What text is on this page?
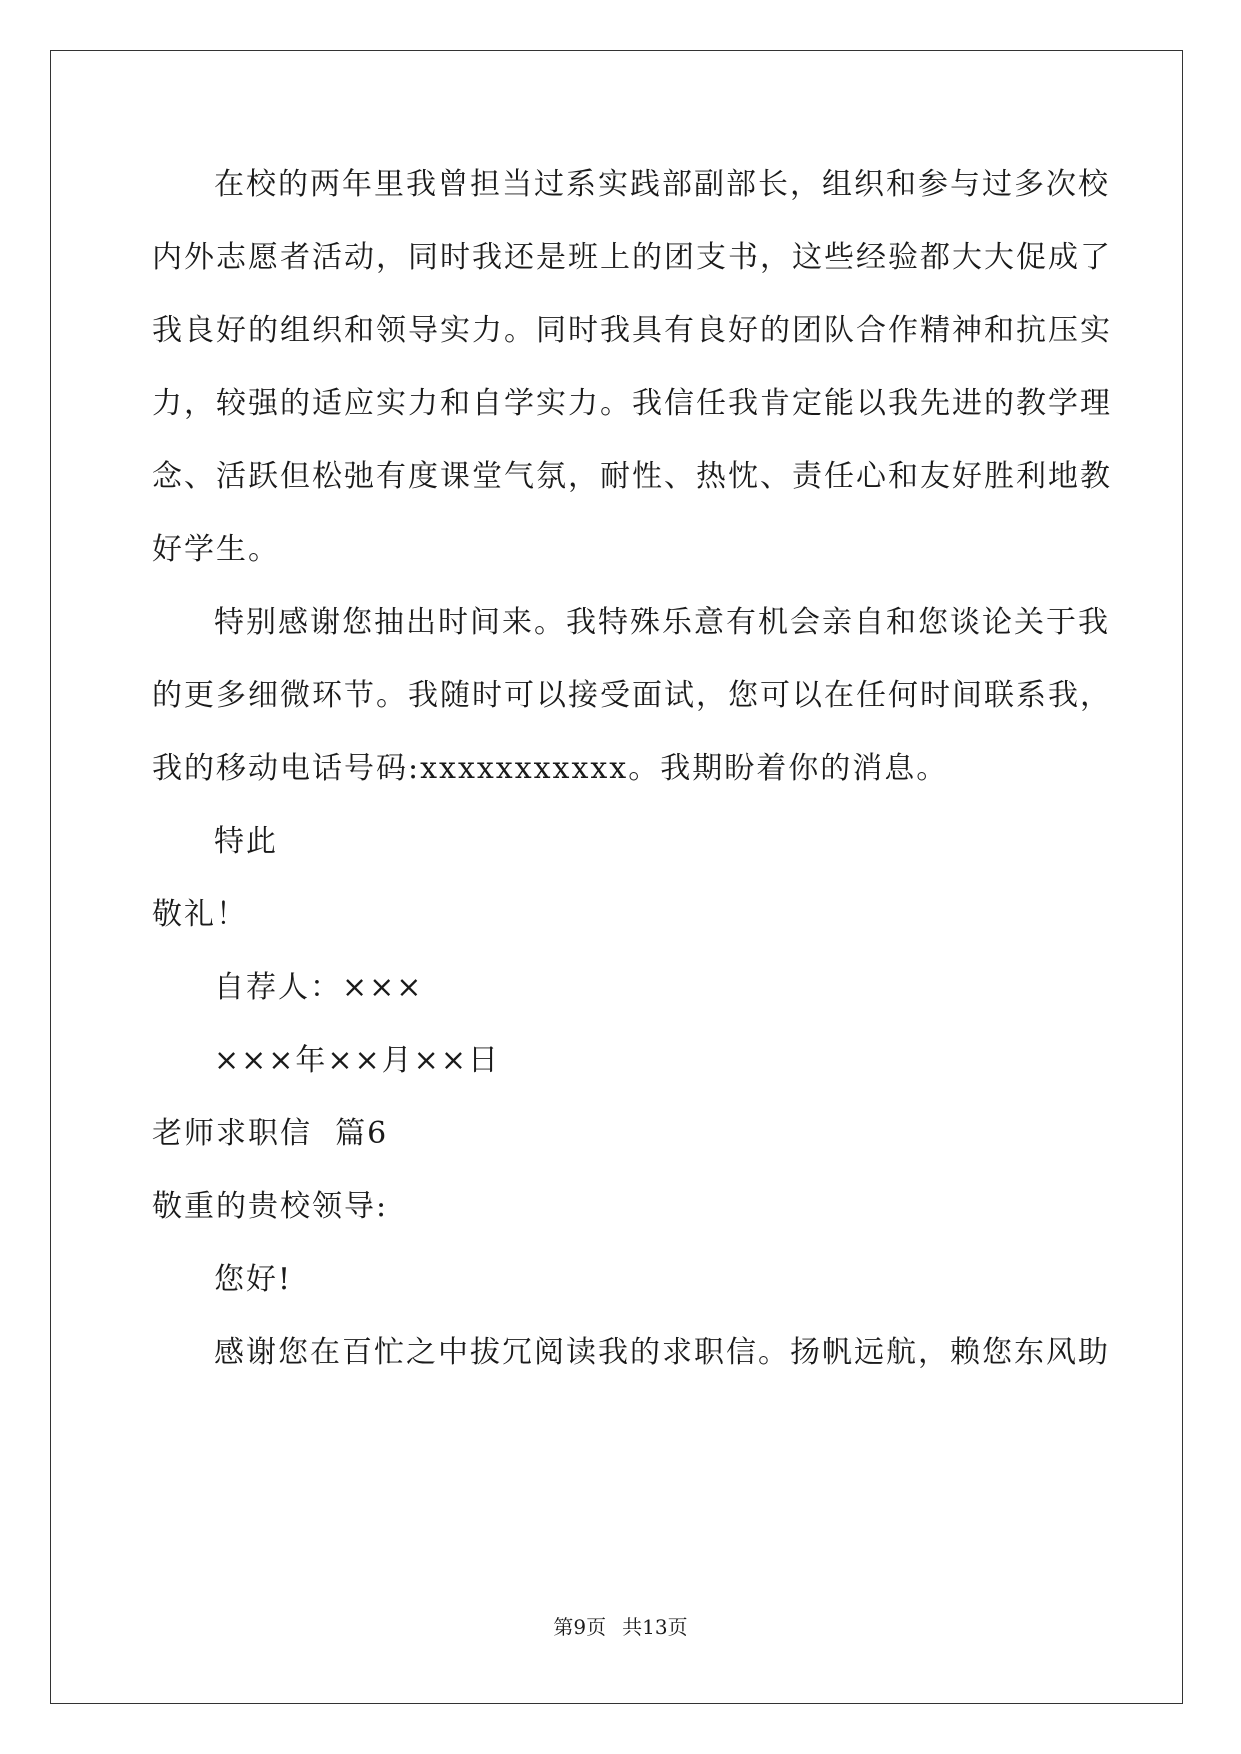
在校的两年里我曾担当过系实践部副部长，组织和参与过多次校
内外志愿者活动，同时我还是班上的团支书，这些经验都大大促成了
我良好的组织和领导实力。同时我具有良好的团队合作精神和抗压实
力，较强的适应实力和自学实力。我信任我肯定能以我先进的教学理
念、活跃但松弛有度课堂气氛，耐性、热忱、责任心和友好胜利地教
好学生。
特别感谢您抽出时间来。我特殊乐意有机会亲自和您谈论关于我
的更多细微环节。我随时可以接受面试，您可以在任何时间联系我，
我的移动电话号码:xxxxxxxxxxx。我期盼着你的消息。
特此
敬礼！
自荐人：×××
×××年××月××日
老师求职信  篇6
敬重的贵校领导:
您好!
感谢您在百忙之中拔冗阅读我的求职信。扬帆远航，赖您东风助
第9页 共13页
